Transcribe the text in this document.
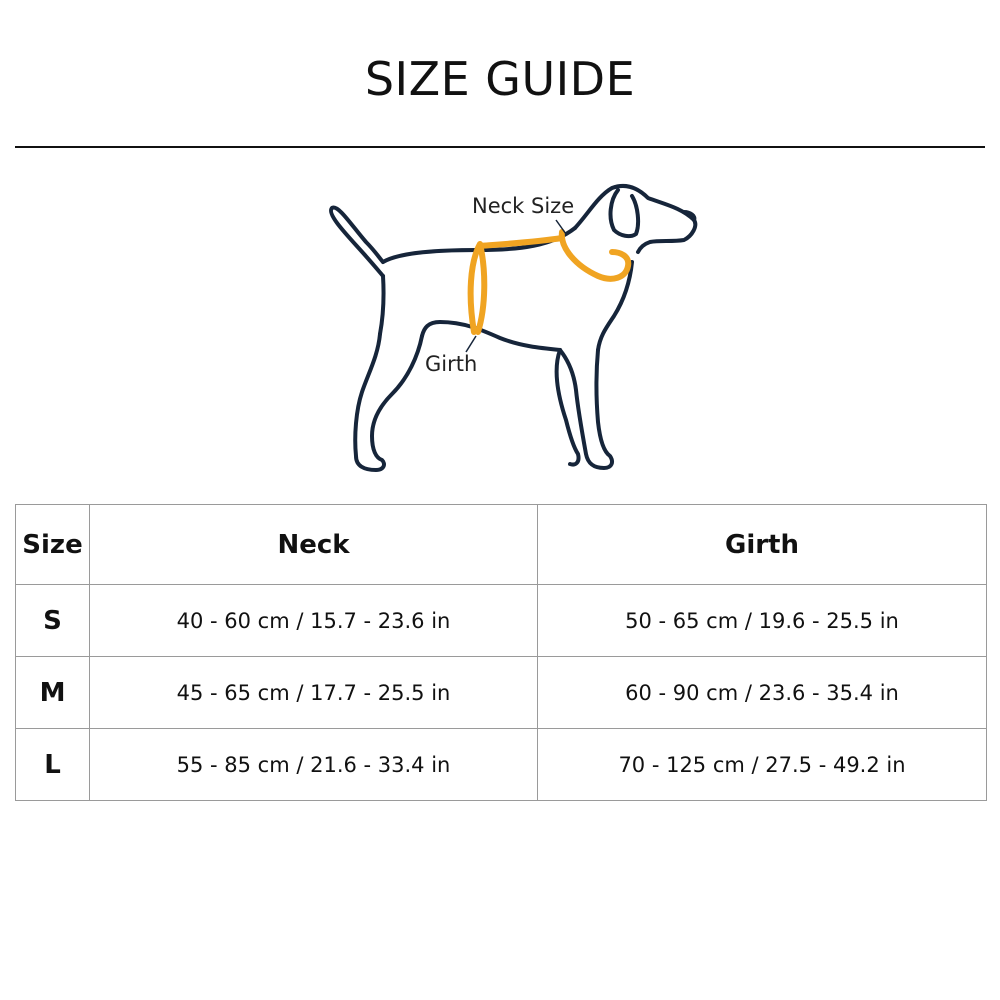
SIZE GUIDE
Neck Size
Girth
Size	Neck	Girth
S	40 - 60 cm / 15.7 - 23.6 in	50 - 65 cm / 19.6 - 25.5 in
M	45 - 65 cm / 17.7 - 25.5 in	60 - 90 cm / 23.6 - 35.4 in
L	55 - 85 cm / 21.6 - 33.4 in	70 - 125 cm / 27.5 - 49.2 in
